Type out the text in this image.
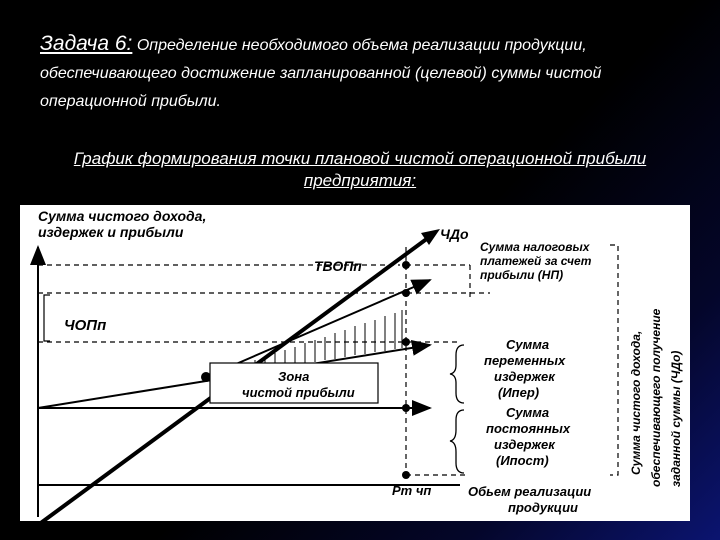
Задача 6: Определение необходимого объема реализации продукции, обеспечивающего достижение запланированной (целевой) суммы чистой операционной прибыли.
График формирования точки плановой чистой операционной прибыли предприятия:
Сумма чистого дохода,
издержек и прибыли	ЧДо
ТВОПп
ЧОПп
Зона
чистой прибыли
Сумма налоговых
платежей за счет
прибыли (НП)
Сумма
переменных
издержек
(Ипер)
Сумма
постоянных
издержек
(Ипост)
Рт чп	Обьем реализации
продукции
Сумма чистого дохода, обеспечивающего получение заданной суммы (ЧДо)
